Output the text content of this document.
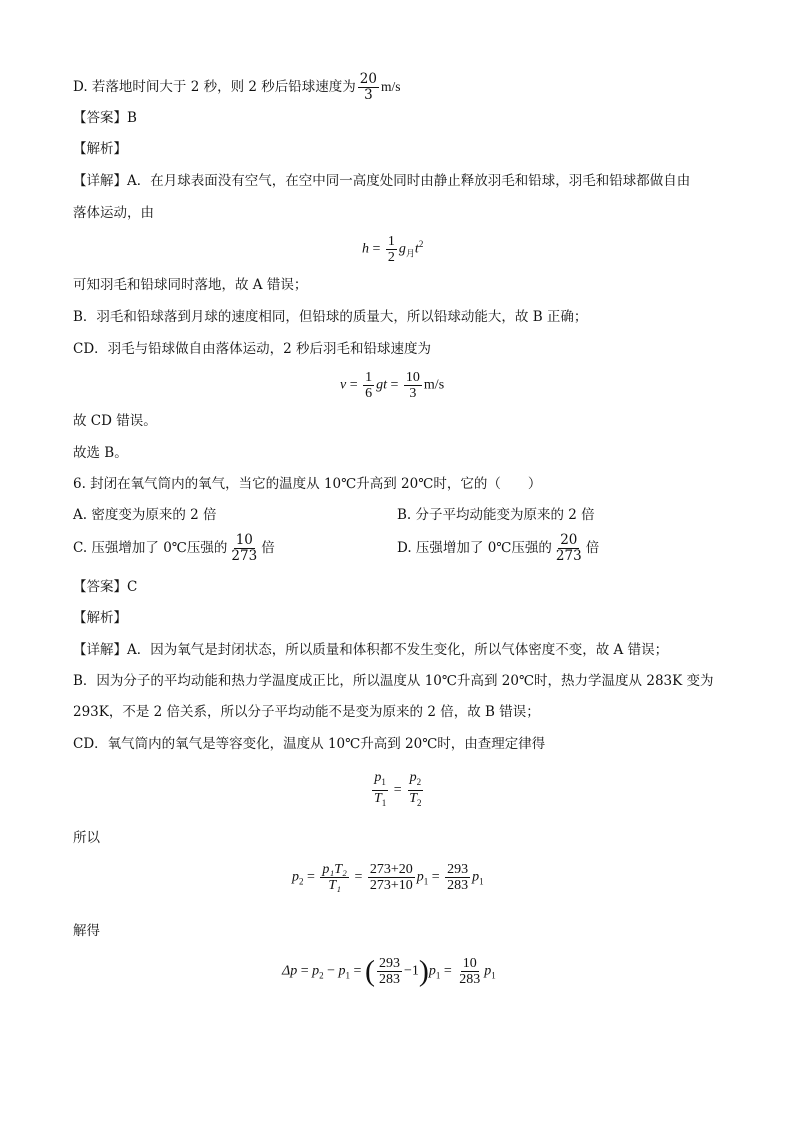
D. 若落地时间大于 2 秒，则 2 秒后铅球速度为 $\frac{20}{3} m/s$
【答案】B
【解析】
【详解】A．在月球表面没有空气，在空中同一高度处同时由静止释放羽毛和铅球，羽毛和铅球都做自由
落体运动，由
$h = \frac{1}{2} g_月t^2$
可知羽毛和铅球同时落地，故 A 错误；
B．羽毛和铅球落到月球的速度相同，但铅球的质量大，所以铅球动能大，故 B 正确；
CD．羽毛与铅球做自由落体运动，2 秒后羽毛和铅球速度为
$v = \frac{1}{6}$ gt = $\frac{10}{3} m/s$
故 CD 错误。
故选 B。
6. 封闭在氧气筒内的氧气，当它的温度从 10℃升高到 20℃时，它的（　　）
A. 密度变为原来的 2 倍	B. 分子平均动能变为原来的 2 倍
C. 压强增加了 0℃压强的 $\frac{10}{273}$ 倍	D. 压强增加了 0℃压强的 $\frac{20}{273}$ 倍
【答案】C
【解析】
【详解】A．因为氧气是封闭状态，所以质量和体积都不发生变化，所以气体密度不变，故 A 错误；
B．因为分子的平均动能和热力学温度成正比，所以温度从 10℃升高到 20℃时，热力学温度从 283K 变为
293K，不是 2 倍关系，所以分子平均动能不是变为原来的 2 倍，故 B 错误；
CD．氧气筒内的氧气是等容变化，温度从 10℃升高到 20℃时，由查理定律得
$\frac{p_1}{T_1} = \frac{p_2}{T_2}$
所以
$p_2 = \frac{\text{p₁T₂}}{\text{T₁}} = \frac{273+20}{273+10} p_1 = \frac{293}{283} p_1$
解得
$\Delta p = p_2 - p_1$ = ( $\frac{293}{283} -1)p_1 = \frac{10}{283} p_1$
